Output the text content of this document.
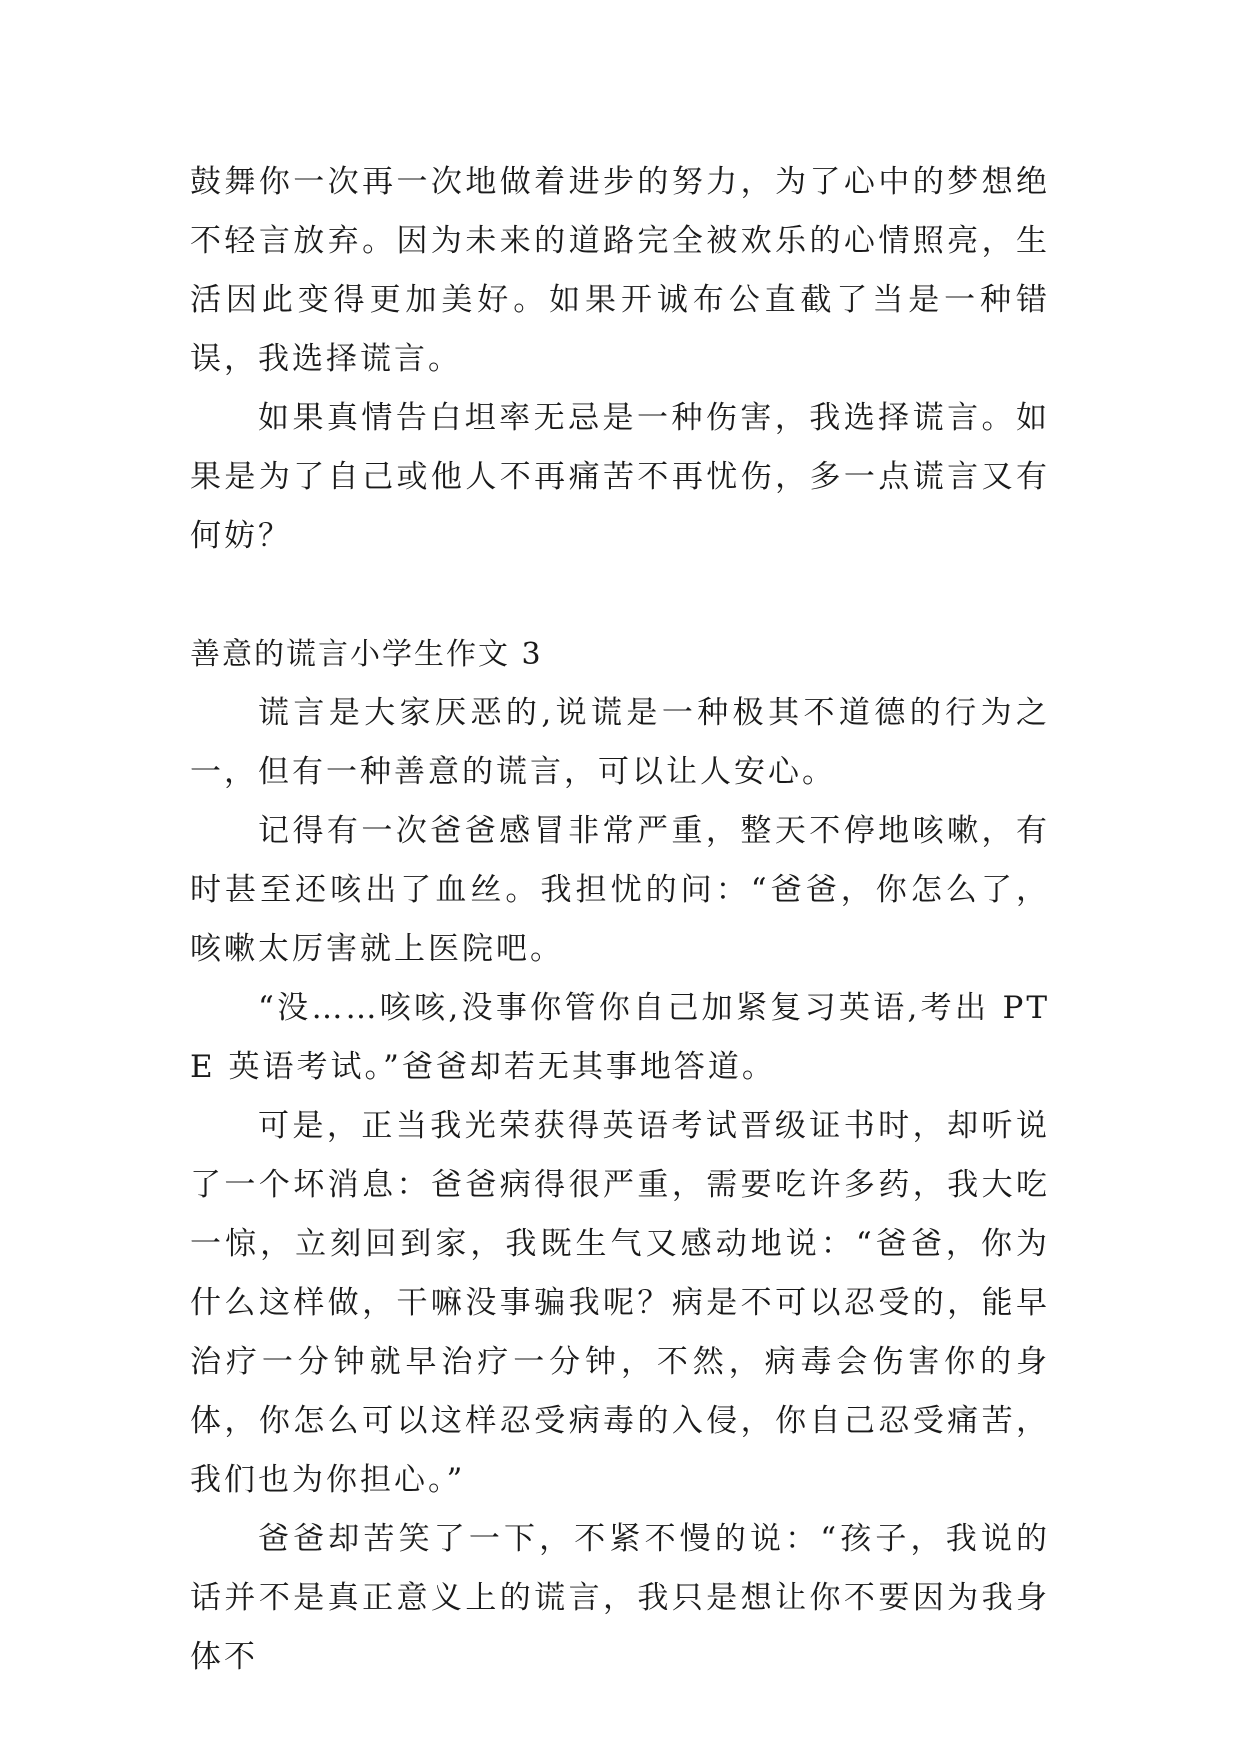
鼓舞你一次再一次地做着进步的努力，为了心中的梦想绝不轻言放弃。因为未来的道路完全被欢乐的心情照亮，生活因此变得更加美好。如果开诚布公直截了当是一种错误，我选择谎言。

如果真情告白坦率无忌是一种伤害，我选择谎言。如果是为了自己或他人不再痛苦不再忧伤，多一点谎言又有何妨？

善意的谎言小学生作文 3

谎言是大家厌恶的,说谎是一种极其不道德的行为之一，但有一种善意的谎言，可以让人安心。

记得有一次爸爸感冒非常严重，整天不停地咳嗽，有时甚至还咳出了血丝。我担忧的问：“爸爸，你怎么了，咳嗽太厉害就上医院吧。

“没……咳咳,没事你管你自己加紧复习英语,考出 PTE 英语考试。”爸爸却若无其事地答道。

可是，正当我光荣获得英语考试晋级证书时，却听说了一个坏消息：爸爸病得很严重，需要吃许多药，我大吃一惊，立刻回到家，我既生气又感动地说：“爸爸，你为什么这样做，干嘛没事骗我呢？病是不可以忍受的，能早治疗一分钟就早治疗一分钟，不然，病毒会伤害你的身体，你怎么可以这样忍受病毒的入侵，你自己忍受痛苦，我们也为你担心。”

爸爸却苦笑了一下，不紧不慢的说：“孩子，我说的话并不是真正意义上的谎言，我只是想让你不要因为我身体不
